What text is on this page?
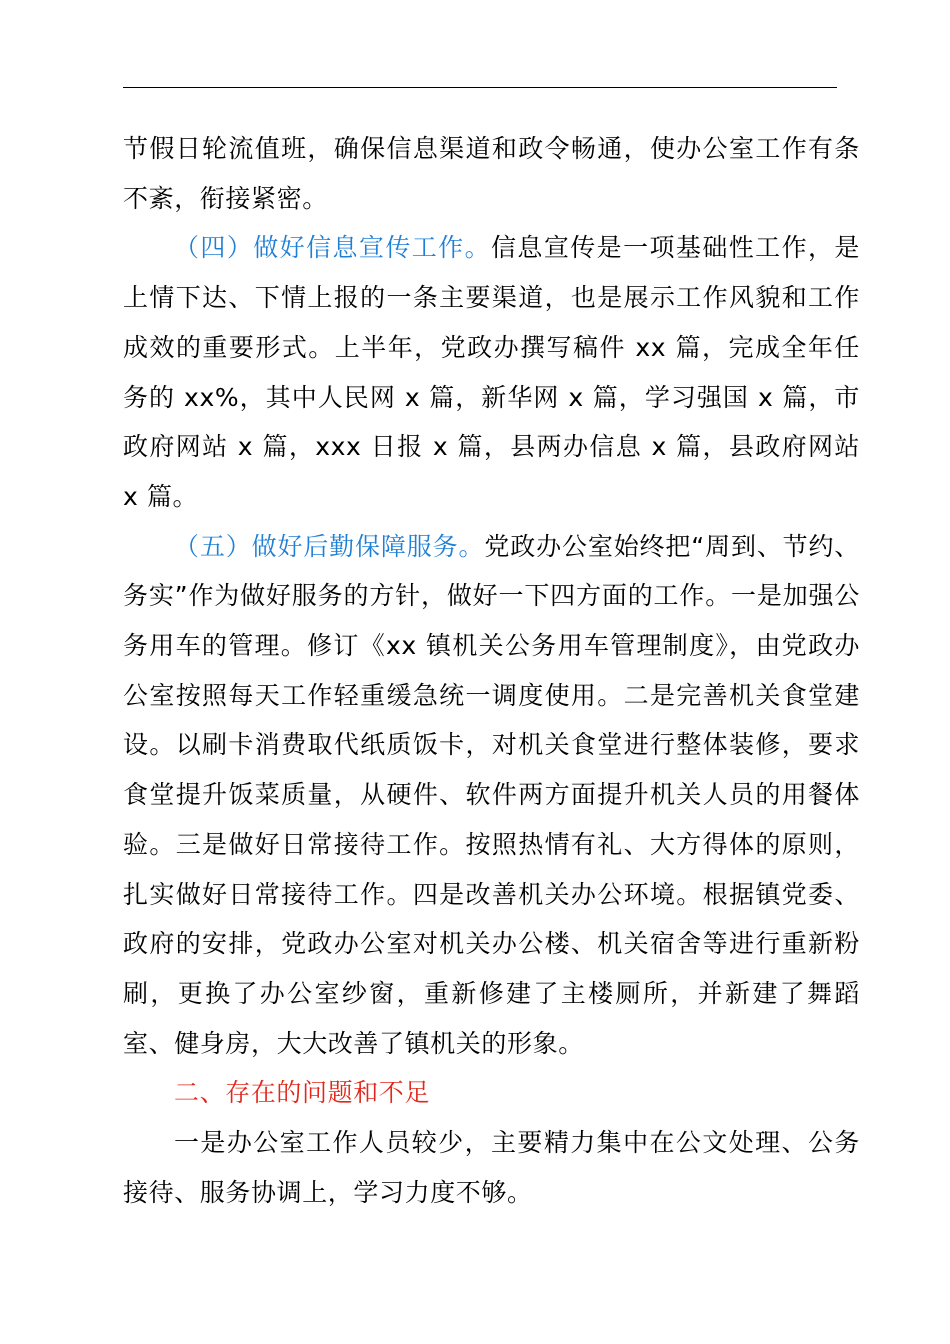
节假日轮流值班，确保信息渠道和政令畅通，使办公室工作有条不紊，衔接紧密。

（四）做好信息宣传工作。信息宣传是一项基础性工作，是上情下达、下情上报的一条主要渠道，也是展示工作风貌和工作成效的重要形式。上半年，党政办撰写稿件 xx 篇，完成全年任务的 xx%，其中人民网 x 篇，新华网 x 篇，学习强国 x 篇，市政府网站 x 篇，xxx 日报 x 篇，县两办信息 x 篇，县政府网站 x 篇。

（五）做好后勤保障服务。党政办公室始终把“周到、节约、务实”作为做好服务的方针，做好一下四方面的工作。一是加强公务用车的管理。修订《xx 镇机关公务用车管理制度》，由党政办公室按照每天工作轻重缓急统一调度使用。二是完善机关食堂建设。以刷卡消费取代纸质饭卡，对机关食堂进行整体装修，要求食堂提升饭菜质量，从硬件、软件两方面提升机关人员的用餐体验。三是做好日常接待工作。按照热情有礼、大方得体的原则，扎实做好日常接待工作。四是改善机关办公环境。根据镇党委、政府的安排，党政办公室对机关办公楼、机关宿舍等进行重新粉刷，更换了办公室纱窗，重新修建了主楼厕所，并新建了舞蹈室、健身房，大大改善了镇机关的形象。

二、存在的问题和不足

一是办公室工作人员较少，主要精力集中在公文处理、公务接待、服务协调上，学习力度不够。
